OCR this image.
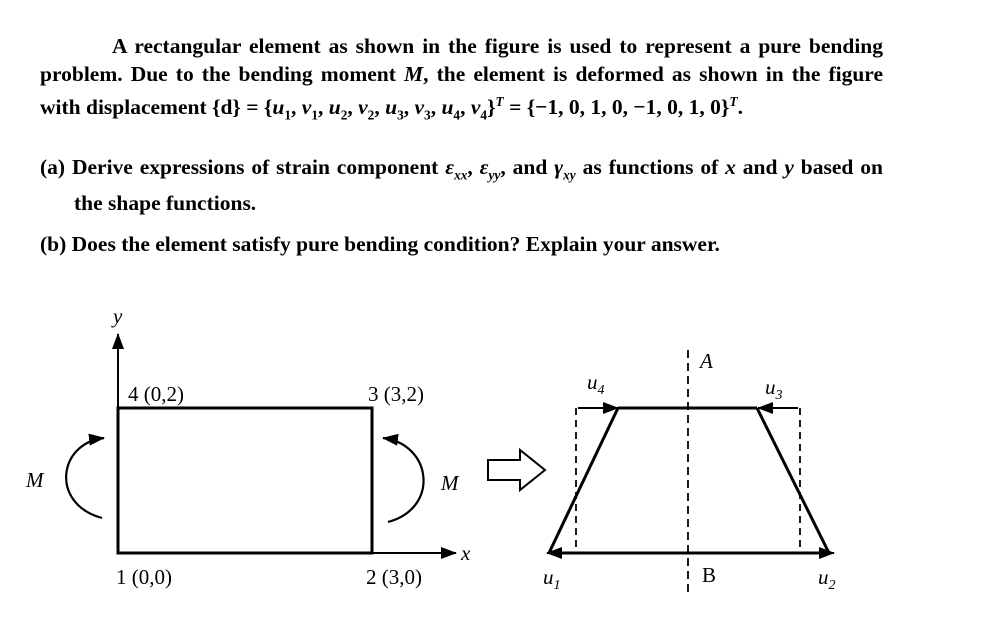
A rectangular element as shown in the figure is used to represent a pure bending problem. Due to the bending moment M, the element is deformed as shown in the figure with displacement $\{d\} = \{u_1$, $v_1$, $u_2$, $v_2$, $u_3$, $v_3$, $u_4$, $v_4\}^T = \{-1$, 0, 1, 0, −1, 0, 1, 0}$^T$.

(a) Derive expressions of strain component $\varepsilon_{xx}$, $\varepsilon_{yy}$, and $\gamma_{xy}$ as functions of x and y based on the shape functions.

(b) Does the element satisfy pure bending condition? Explain your answer.

y
x
4 (0,2)	3 (3,2)
1 (0,0)	2 (3,0)
M	M
$u_4$	$u_3$
$u_1$	$u_2$
A
B
